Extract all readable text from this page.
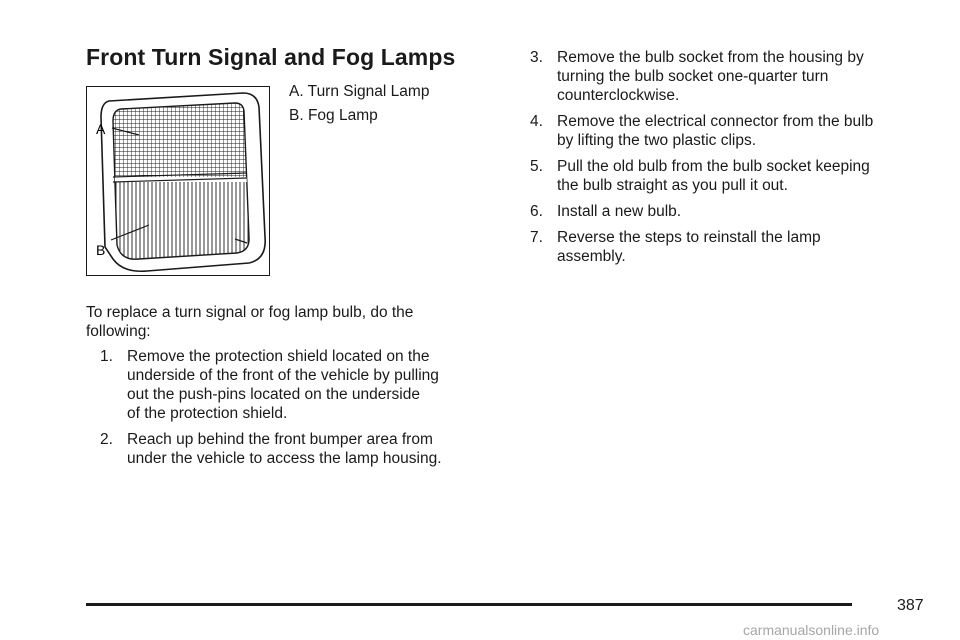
Front Turn Signal and Fog Lamps
A
B
A. Turn Signal Lamp
B. Fog Lamp
To replace a turn signal or fog lamp bulb, do the
following:
1. Remove the protection shield located on the
underside of the front of the vehicle by pulling
out the push-pins located on the underside
of the protection shield.
2. Reach up behind the front bumper area from
under the vehicle to access the lamp housing.
3. Remove the bulb socket from the housing by
turning the bulb socket one-quarter turn
counterclockwise.
4. Remove the electrical connector from the bulb
by lifting the two plastic clips.
5. Pull the old bulb from the bulb socket keeping
the bulb straight as you pull it out.
6. Install a new bulb.
7. Reverse the steps to reinstall the lamp
assembly.
387
carmanualsonline.info
